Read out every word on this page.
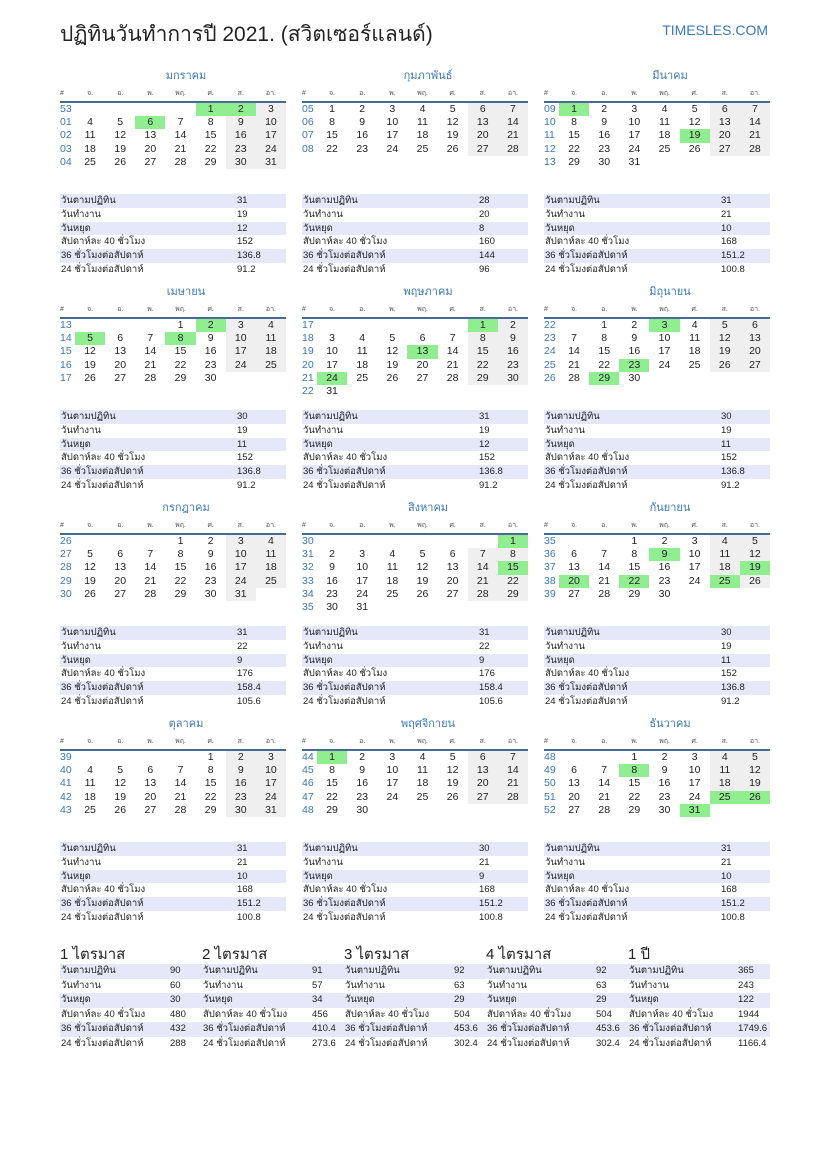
ปฏิทินวันทำการปี 2021. (สวิตเซอร์แลนด์)	TIMESLES.COM
มกราคม
#	จ.	อ.	พ.	พฤ.	ศ.	ส.	อา.
53					1	2	3
01	4	5	6	7	8	9	10
02	11	12	13	14	15	16	17
03	18	19	20	21	22	23	24
04	25	26	27	28	29	30	31
วันตามปฏิทิน	31
วันทำงาน	19
วันหยุด	12
สัปดาห์ละ 40 ชั่วโมง	152
36 ชั่วโมงต่อสัปดาห์	136.8
24 ชั่วโมงต่อสัปดาห์	91.2
กุมภาพันธ์
#	จ.	อ.	พ.	พฤ.	ศ.	ส.	อา.
05	1	2	3	4	5	6	7
06	8	9	10	11	12	13	14
07	15	16	17	18	19	20	21
08	22	23	24	25	26	27	28
วันตามปฏิทิน	28
วันทำงาน	20
วันหยุด	8
สัปดาห์ละ 40 ชั่วโมง	160
36 ชั่วโมงต่อสัปดาห์	144
24 ชั่วโมงต่อสัปดาห์	96
มีนาคม
#	จ.	อ.	พ.	พฤ.	ศ.	ส.	อา.
09	1	2	3	4	5	6	7
10	8	9	10	11	12	13	14
11	15	16	17	18	19	20	21
12	22	23	24	25	26	27	28
13	29	30	31				
วันตามปฏิทิน	31
วันทำงาน	21
วันหยุด	10
สัปดาห์ละ 40 ชั่วโมง	168
36 ชั่วโมงต่อสัปดาห์	151.2
24 ชั่วโมงต่อสัปดาห์	100.8
เมษายน
#	จ.	อ.	พ.	พฤ.	ศ.	ส.	อา.
13				1	2	3	4
14	5	6	7	8	9	10	11
15	12	13	14	15	16	17	18
16	19	20	21	22	23	24	25
17	26	27	28	29	30		
วันตามปฏิทิน	30
วันทำงาน	19
วันหยุด	11
สัปดาห์ละ 40 ชั่วโมง	152
36 ชั่วโมงต่อสัปดาห์	136.8
24 ชั่วโมงต่อสัปดาห์	91.2
พฤษภาคม
#	จ.	อ.	พ.	พฤ.	ศ.	ส.	อา.
17						1	2
18	3	4	5	6	7	8	9
19	10	11	12	13	14	15	16
20	17	18	19	20	21	22	23
21	24	25	26	27	28	29	30
22	31						
วันตามปฏิทิน	31
วันทำงาน	19
วันหยุด	12
สัปดาห์ละ 40 ชั่วโมง	152
36 ชั่วโมงต่อสัปดาห์	136.8
24 ชั่วโมงต่อสัปดาห์	91.2
มิถุนายน
#	จ.	อ.	พ.	พฤ.	ศ.	ส.	อา.
22		1	2	3	4	5	6
23	7	8	9	10	11	12	13
24	14	15	16	17	18	19	20
25	21	22	23	24	25	26	27
26	28	29	30				
วันตามปฏิทิน	30
วันทำงาน	19
วันหยุด	11
สัปดาห์ละ 40 ชั่วโมง	152
36 ชั่วโมงต่อสัปดาห์	136.8
24 ชั่วโมงต่อสัปดาห์	91.2
กรกฎาคม
#	จ.	อ.	พ.	พฤ.	ศ.	ส.	อา.
26				1	2	3	4
27	5	6	7	8	9	10	11
28	12	13	14	15	16	17	18
29	19	20	21	22	23	24	25
30	26	27	28	29	30	31	
วันตามปฏิทิน	31
วันทำงาน	22
วันหยุด	9
สัปดาห์ละ 40 ชั่วโมง	176
36 ชั่วโมงต่อสัปดาห์	158.4
24 ชั่วโมงต่อสัปดาห์	105.6
สิงหาคม
#	จ.	อ.	พ.	พฤ.	ศ.	ส.	อา.
30							1
31	2	3	4	5	6	7	8
32	9	10	11	12	13	14	15
33	16	17	18	19	20	21	22
34	23	24	25	26	27	28	29
35	30	31					
วันตามปฏิทิน	31
วันทำงาน	22
วันหยุด	9
สัปดาห์ละ 40 ชั่วโมง	176
36 ชั่วโมงต่อสัปดาห์	158.4
24 ชั่วโมงต่อสัปดาห์	105.6
กันยายน
#	จ.	อ.	พ.	พฤ.	ศ.	ส.	อา.
35			1	2	3	4	5
36	6	7	8	9	10	11	12
37	13	14	15	16	17	18	19
38	20	21	22	23	24	25	26
39	27	28	29	30			
วันตามปฏิทิน	30
วันทำงาน	19
วันหยุด	11
สัปดาห์ละ 40 ชั่วโมง	152
36 ชั่วโมงต่อสัปดาห์	136.8
24 ชั่วโมงต่อสัปดาห์	91.2
ตุลาคม
#	จ.	อ.	พ.	พฤ.	ศ.	ส.	อา.
39					1	2	3
40	4	5	6	7	8	9	10
41	11	12	13	14	15	16	17
42	18	19	20	21	22	23	24
43	25	26	27	28	29	30	31
วันตามปฏิทิน	31
วันทำงาน	21
วันหยุด	10
สัปดาห์ละ 40 ชั่วโมง	168
36 ชั่วโมงต่อสัปดาห์	151.2
24 ชั่วโมงต่อสัปดาห์	100.8
พฤศจิกายน
#	จ.	อ.	พ.	พฤ.	ศ.	ส.	อา.
44	1	2	3	4	5	6	7
45	8	9	10	11	12	13	14
46	15	16	17	18	19	20	21
47	22	23	24	25	26	27	28
48	29	30					
วันตามปฏิทิน	30
วันทำงาน	21
วันหยุด	9
สัปดาห์ละ 40 ชั่วโมง	168
36 ชั่วโมงต่อสัปดาห์	151.2
24 ชั่วโมงต่อสัปดาห์	100.8
ธันวาคม
#	จ.	อ.	พ.	พฤ.	ศ.	ส.	อา.
48			1	2	3	4	5
49	6	7	8	9	10	11	12
50	13	14	15	16	17	18	19
51	20	21	22	23	24	25	26
52	27	28	29	30	31		
วันตามปฏิทิน	31
วันทำงาน	21
วันหยุด	10
สัปดาห์ละ 40 ชั่วโมง	168
36 ชั่วโมงต่อสัปดาห์	151.2
24 ชั่วโมงต่อสัปดาห์	100.8
1 ไตรมาส
วันตามปฏิทิน	90
วันทำงาน	60
วันหยุด	30
สัปดาห์ละ 40 ชั่วโมง	480
36 ชั่วโมงต่อสัปดาห์	432
24 ชั่วโมงต่อสัปดาห์	288
2 ไตรมาส
วันตามปฏิทิน	91
วันทำงาน	57
วันหยุด	34
สัปดาห์ละ 40 ชั่วโมง	456
36 ชั่วโมงต่อสัปดาห์	410.4
24 ชั่วโมงต่อสัปดาห์	273.6
3 ไตรมาส
วันตามปฏิทิน	92
วันทำงาน	63
วันหยุด	29
สัปดาห์ละ 40 ชั่วโมง	504
36 ชั่วโมงต่อสัปดาห์	453.6
24 ชั่วโมงต่อสัปดาห์	302.4
4 ไตรมาส
วันตามปฏิทิน	92
วันทำงาน	63
วันหยุด	29
สัปดาห์ละ 40 ชั่วโมง	504
36 ชั่วโมงต่อสัปดาห์	453.6
24 ชั่วโมงต่อสัปดาห์	302.4
1 ปี
วันตามปฏิทิน	365
วันทำงาน	243
วันหยุด	122
สัปดาห์ละ 40 ชั่วโมง	1944
36 ชั่วโมงต่อสัปดาห์	1749.6
24 ชั่วโมงต่อสัปดาห์	1166.4
